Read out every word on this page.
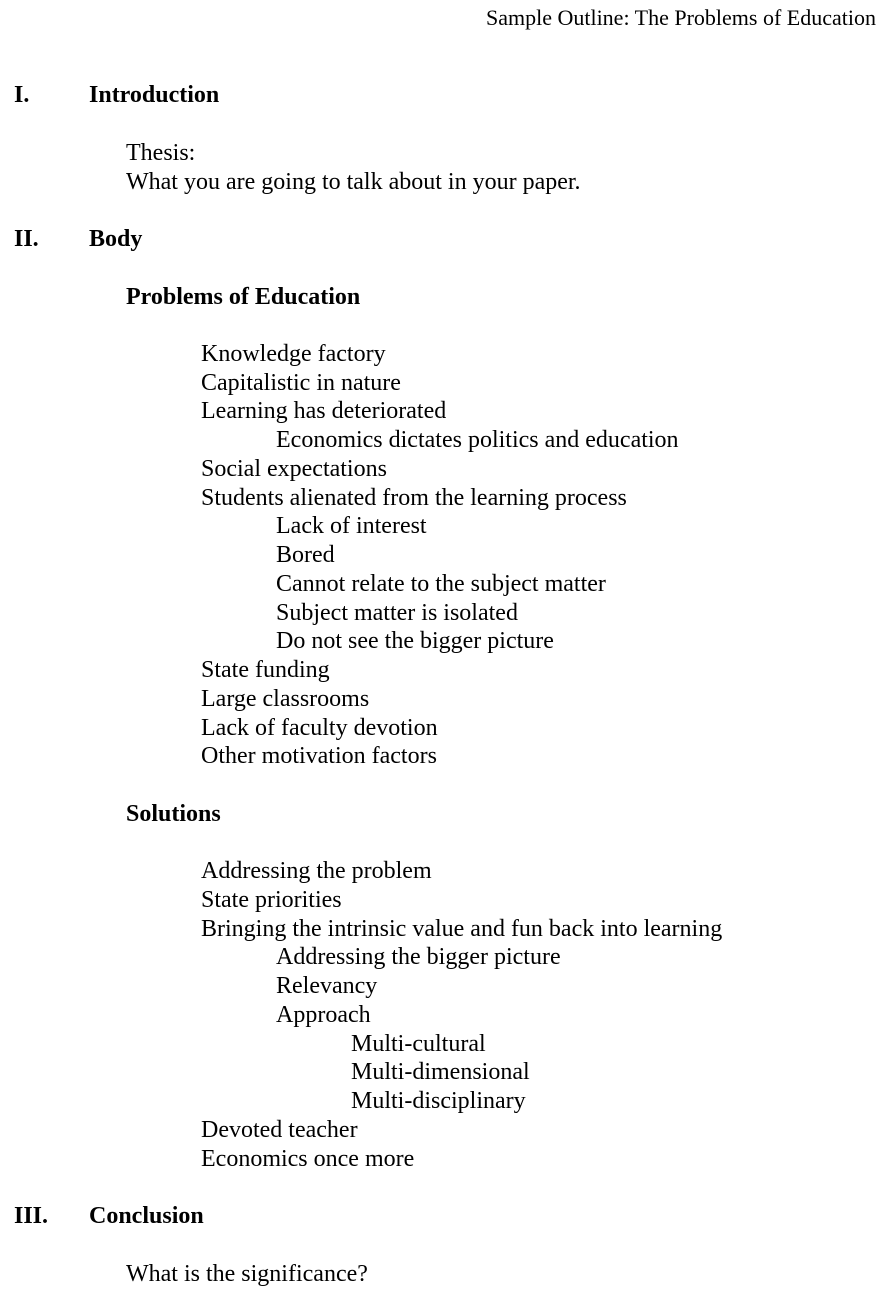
Sample Outline: The Problems of Education
I. Introduction
Thesis:
What you are going to talk about in your paper.
II. Body
Problems of Education
Knowledge factory
Capitalistic in nature
Learning has deteriorated
Economics dictates politics and education
Social expectations
Students alienated from the learning process
Lack of interest
Bored
Cannot relate to the subject matter
Subject matter is isolated
Do not see the bigger picture
State funding
Large classrooms
Lack of faculty devotion
Other motivation factors
Solutions
Addressing the problem
State priorities
Bringing the intrinsic value and fun back into learning
Addressing the bigger picture
Relevancy
Approach
Multi-cultural
Multi-dimensional
Multi-disciplinary
Devoted teacher
Economics once more
III. Conclusion
What is the significance?
